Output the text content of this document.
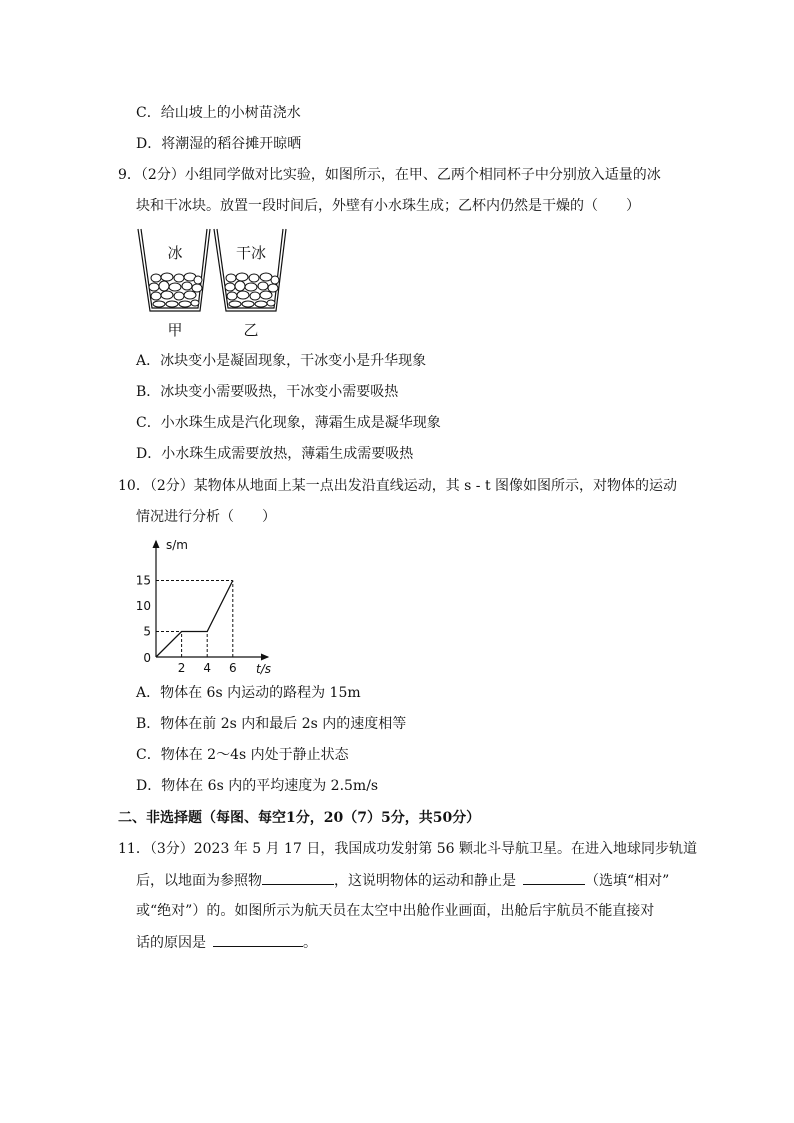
C．给山坡上的小树苗浇水
D．将潮湿的稻谷摊开晾晒
9．（2分）小组同学做对比实验，如图所示，在甲、乙两个相同杯子中分别放入适量的冰
块和干冰块。放置一段时间后，外壁有小水珠生成；乙杯内仍然是干燥的（　　）
冰	干冰
甲	乙
A．冰块变小是凝固现象，干冰变小是升华现象
B．冰块变小需要吸热，干冰变小需要吸热
C．小水珠生成是汽化现象，薄霜生成是凝华现象
D．小水珠生成需要放热，薄霜生成需要吸热
10．（2分）某物体从地面上某一点出发沿直线运动，其 s - t 图像如图所示，对物体的运动
情况进行分析（　　）
s/m
t/s
0
5
10
15
2 4 6
A．物体在 6s 内运动的路程为 15m
B．物体在前 2s 内和最后 2s 内的速度相等
C．物体在 2～4s 内处于静止状态
D．物体在 6s 内的平均速度为 2.5m/s
二、非选择题（每图、每空1分，20（7）5分，共50分）
11．（3分）2023 年 5 月 17 日，我国成功发射第 56 颗北斗导航卫星。在进入地球同步轨道
后，以地面为参照物	，这说明物体的运动和静止是 	（选填“相对”
或“绝对”）的。如图所示为航天员在太空中出舱作业画面，出舱后宇航员不能直接对
话的原因是 	。
